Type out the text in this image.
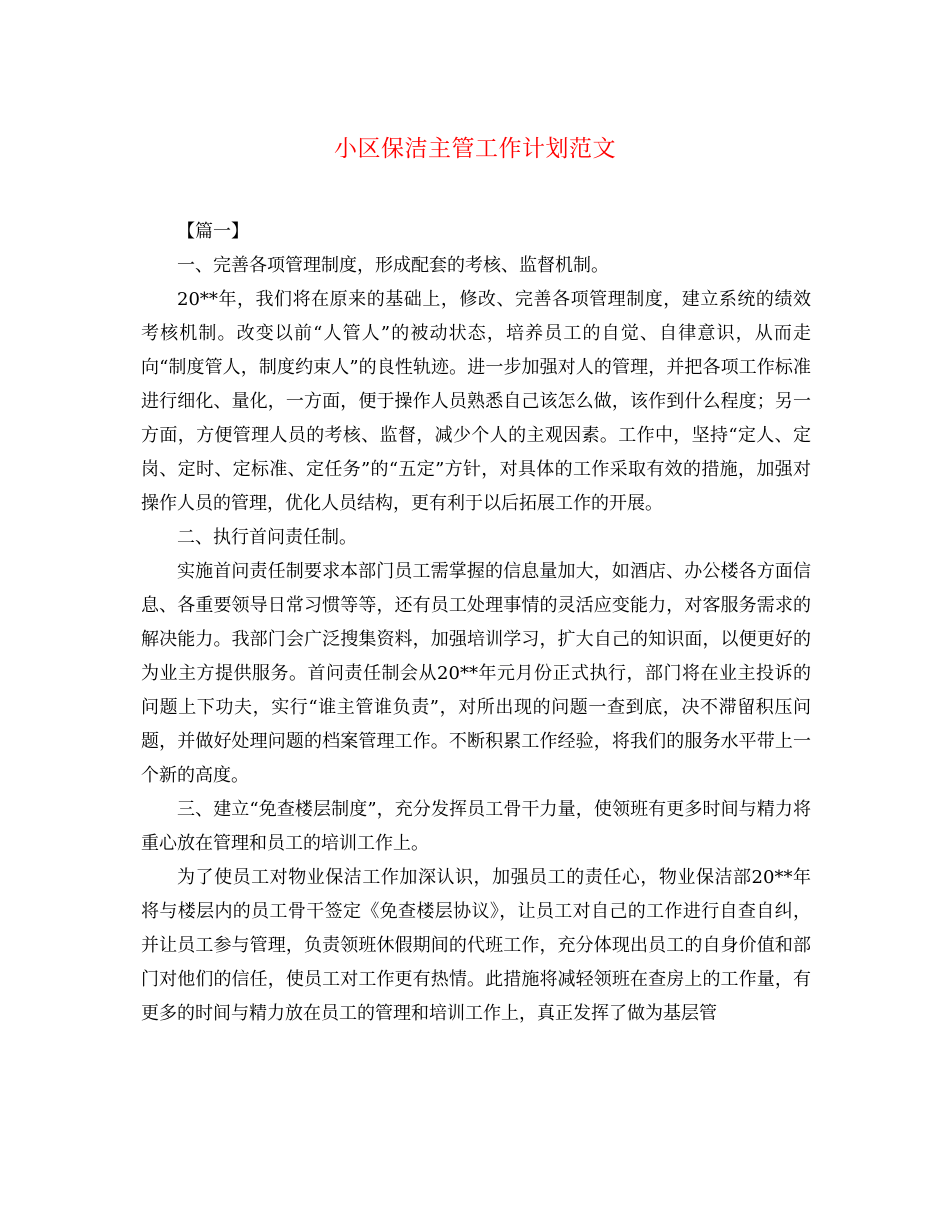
小区保洁主管工作计划范文

【篇一】

一、完善各项管理制度，形成配套的考核、监督机制。

20**年，我们将在原来的基础上，修改、完善各项管理制度，建立系统的绩效考核机制。改变以前“人管人”的被动状态，培养员工的自觉、自律意识，从而走向“制度管人，制度约束人”的良性轨迹。进一步加强对人的管理，并把各项工作标准进行细化、量化，一方面，便于操作人员熟悉自己该怎么做，该作到什么程度；另一方面，方便管理人员的考核、监督，减少个人的主观因素。工作中，坚持“定人、定岗、定时、定标准、定任务”的“五定”方针，对具体的工作采取有效的措施，加强对操作人员的管理，优化人员结构，更有利于以后拓展工作的开展。

二、执行首问责任制。

实施首问责任制要求本部门员工需掌握的信息量加大，如酒店、办公楼各方面信息、各重要领导日常习惯等等，还有员工处理事情的灵活应变能力，对客服务需求的解决能力。我部门会广泛搜集资料，加强培训学习，扩大自己的知识面，以便更好的为业主方提供服务。首问责任制会从20**年元月份正式执行，部门将在业主投诉的问题上下功夫，实行“谁主管谁负责”，对所出现的问题一查到底，决不滞留积压问题，并做好处理问题的档案管理工作。不断积累工作经验，将我们的服务水平带上一个新的高度。

三、建立“免查楼层制度”，充分发挥员工骨干力量，使领班有更多时间与精力将重心放在管理和员工的培训工作上。

为了使员工对物业保洁工作加深认识，加强员工的责任心，物业保洁部20**年将与楼层内的员工骨干签定《免查楼层协议》，让员工对自己的工作进行自查自纠，并让员工参与管理，负责领班休假期间的代班工作，充分体现出员工的自身价值和部门对他们的信任，使员工对工作更有热情。此措施将减轻领班在查房上的工作量，有更多的时间与精力放在员工的管理和培训工作上，真正发挥了做为基层管
